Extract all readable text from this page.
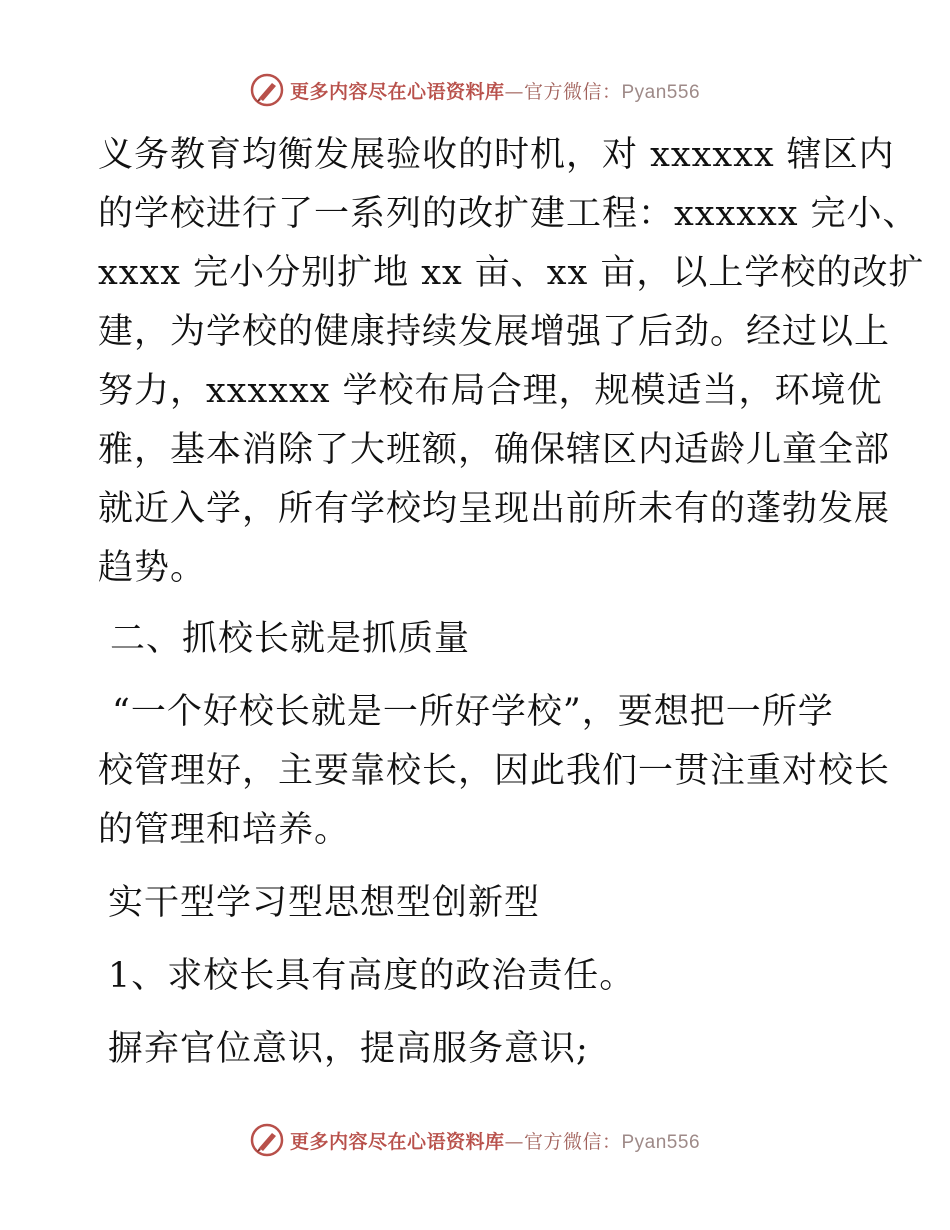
更多内容尽在心语资料库—官方微信：Pyan556
义务教育均衡发展验收的时机，对 xxxxxx 辖区内
的学校进行了一系列的改扩建工程：xxxxxx 完小、
xxxx 完小分别扩地 xx 亩、xx 亩，以上学校的改扩
建，为学校的健康持续发展增强了后劲。经过以上
努力，xxxxxx 学校布局合理，规模适当，环境优
雅，基本消除了大班额，确保辖区内适龄儿童全部
就近入学，所有学校均呈现出前所未有的蓬勃发展
趋势。
二、抓校长就是抓质量
“一个好校长就是一所好学校”，要想把一所学
校管理好，主要靠校长，因此我们一贯注重对校长
的管理和培养。
实干型学习型思想型创新型
1、求校长具有高度的政治责任。
摒弃官位意识，提高服务意识;
更多内容尽在心语资料库—官方微信：Pyan556
